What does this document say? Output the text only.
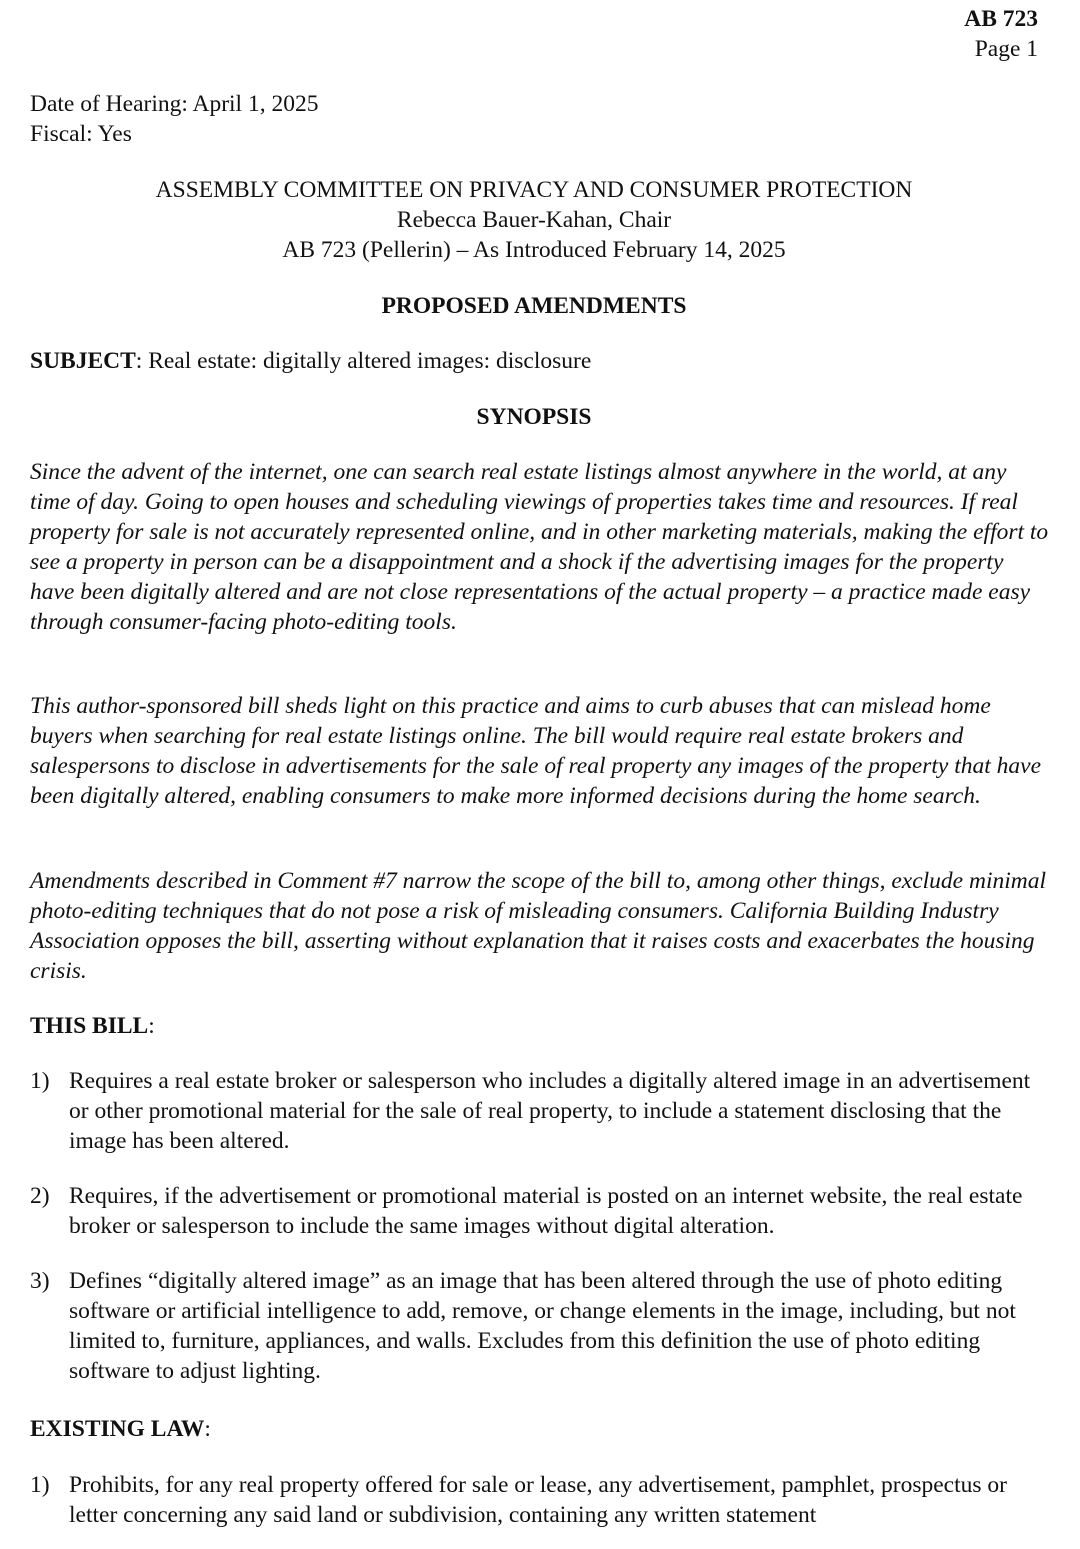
AB 723
Page 1
Date of Hearing: April 1, 2025
Fiscal: Yes
ASSEMBLY COMMITTEE ON PRIVACY AND CONSUMER PROTECTION
Rebecca Bauer-Kahan, Chair
AB 723 (Pellerin) – As Introduced February 14, 2025
PROPOSED AMENDMENTS
SUBJECT: Real estate: digitally altered images: disclosure
SYNOPSIS
Since the advent of the internet, one can search real estate listings almost anywhere in the world, at any time of day. Going to open houses and scheduling viewings of properties takes time and resources. If real property for sale is not accurately represented online, and in other marketing materials, making the effort to see a property in person can be a disappointment and a shock if the advertising images for the property have been digitally altered and are not close representations of the actual property – a practice made easy through consumer-facing photo-editing tools.
This author-sponsored bill sheds light on this practice and aims to curb abuses that can mislead home buyers when searching for real estate listings online. The bill would require real estate brokers and salespersons to disclose in advertisements for the sale of real property any images of the property that have been digitally altered, enabling consumers to make more informed decisions during the home search.
Amendments described in Comment #7 narrow the scope of the bill to, among other things, exclude minimal photo-editing techniques that do not pose a risk of misleading consumers. California Building Industry Association opposes the bill, asserting without explanation that it raises costs and exacerbates the housing crisis.
THIS BILL:
1) Requires a real estate broker or salesperson who includes a digitally altered image in an advertisement or other promotional material for the sale of real property, to include a statement disclosing that the image has been altered.
2) Requires, if the advertisement or promotional material is posted on an internet website, the real estate broker or salesperson to include the same images without digital alteration.
3) Defines “digitally altered image” as an image that has been altered through the use of photo editing software or artificial intelligence to add, remove, or change elements in the image, including, but not limited to, furniture, appliances, and walls. Excludes from this definition the use of photo editing software to adjust lighting.
EXISTING LAW:
1) Prohibits, for any real property offered for sale or lease, any advertisement, pamphlet, prospectus or letter concerning any said land or subdivision, containing any written statement
